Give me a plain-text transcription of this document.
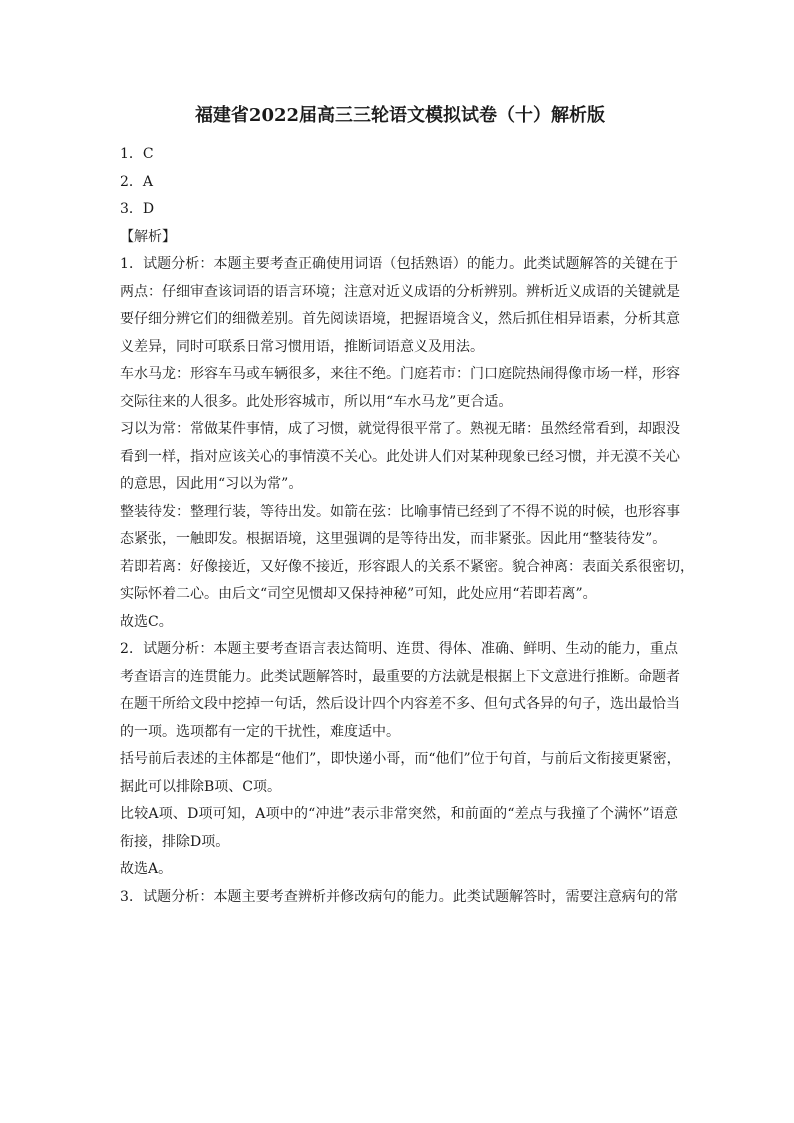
福建省2022届高三三轮语文模拟试卷（十）解析版
1．C
2．A
3．D
【解析】
1．试题分析：本题主要考查正确使用词语（包括熟语）的能力。此类试题解答的关键在于
两点：仔细审查该词语的语言环境；注意对近义成语的分析辨别。辨析近义成语的关键就是
要仔细分辨它们的细微差别。首先阅读语境，把握语境含义，然后抓住相异语素，分析其意
义差异，同时可联系日常习惯用语，推断词语意义及用法。
车水马龙：形容车马或车辆很多，来往不绝。门庭若市：门口庭院热闹得像市场一样，形容
交际往来的人很多。此处形容城市，所以用“车水马龙”更合适。
习以为常：常做某件事情，成了习惯，就觉得很平常了。熟视无睹：虽然经常看到，却跟没
看到一样，指对应该关心的事情漠不关心。此处讲人们对某种现象已经习惯，并无漠不关心
的意思，因此用“习以为常”。
整装待发：整理行装，等待出发。如箭在弦：比喻事情已经到了不得不说的时候，也形容事
态紧张，一触即发。根据语境，这里强调的是等待出发，而非紧张。因此用“整装待发”。
若即若离：好像接近，又好像不接近，形容跟人的关系不紧密。貌合神离：表面关系很密切，
实际怀着二心。由后文“司空见惯却又保持神秘”可知，此处应用“若即若离”。
故选C。
2．试题分析：本题主要考查语言表达简明、连贯、得体、准确、鲜明、生动的能力，重点
考查语言的连贯能力。此类试题解答时，最重要的方法就是根据上下文意进行推断。命题者
在题干所给文段中挖掉一句话，然后设计四个内容差不多、但句式各异的句子，选出最恰当
的一项。选项都有一定的干扰性，难度适中。
括号前后表述的主体都是“他们”，即快递小哥，而“他们”位于句首，与前后文衔接更紧密，
据此可以排除B项、C项。
比较A项、D项可知，A项中的“冲进”表示非常突然，和前面的“差点与我撞了个满怀”语意
衔接，排除D项。
故选A。
3．试题分析：本题主要考查辨析并修改病句的能力。此类试题解答时，需要注意病句的常
